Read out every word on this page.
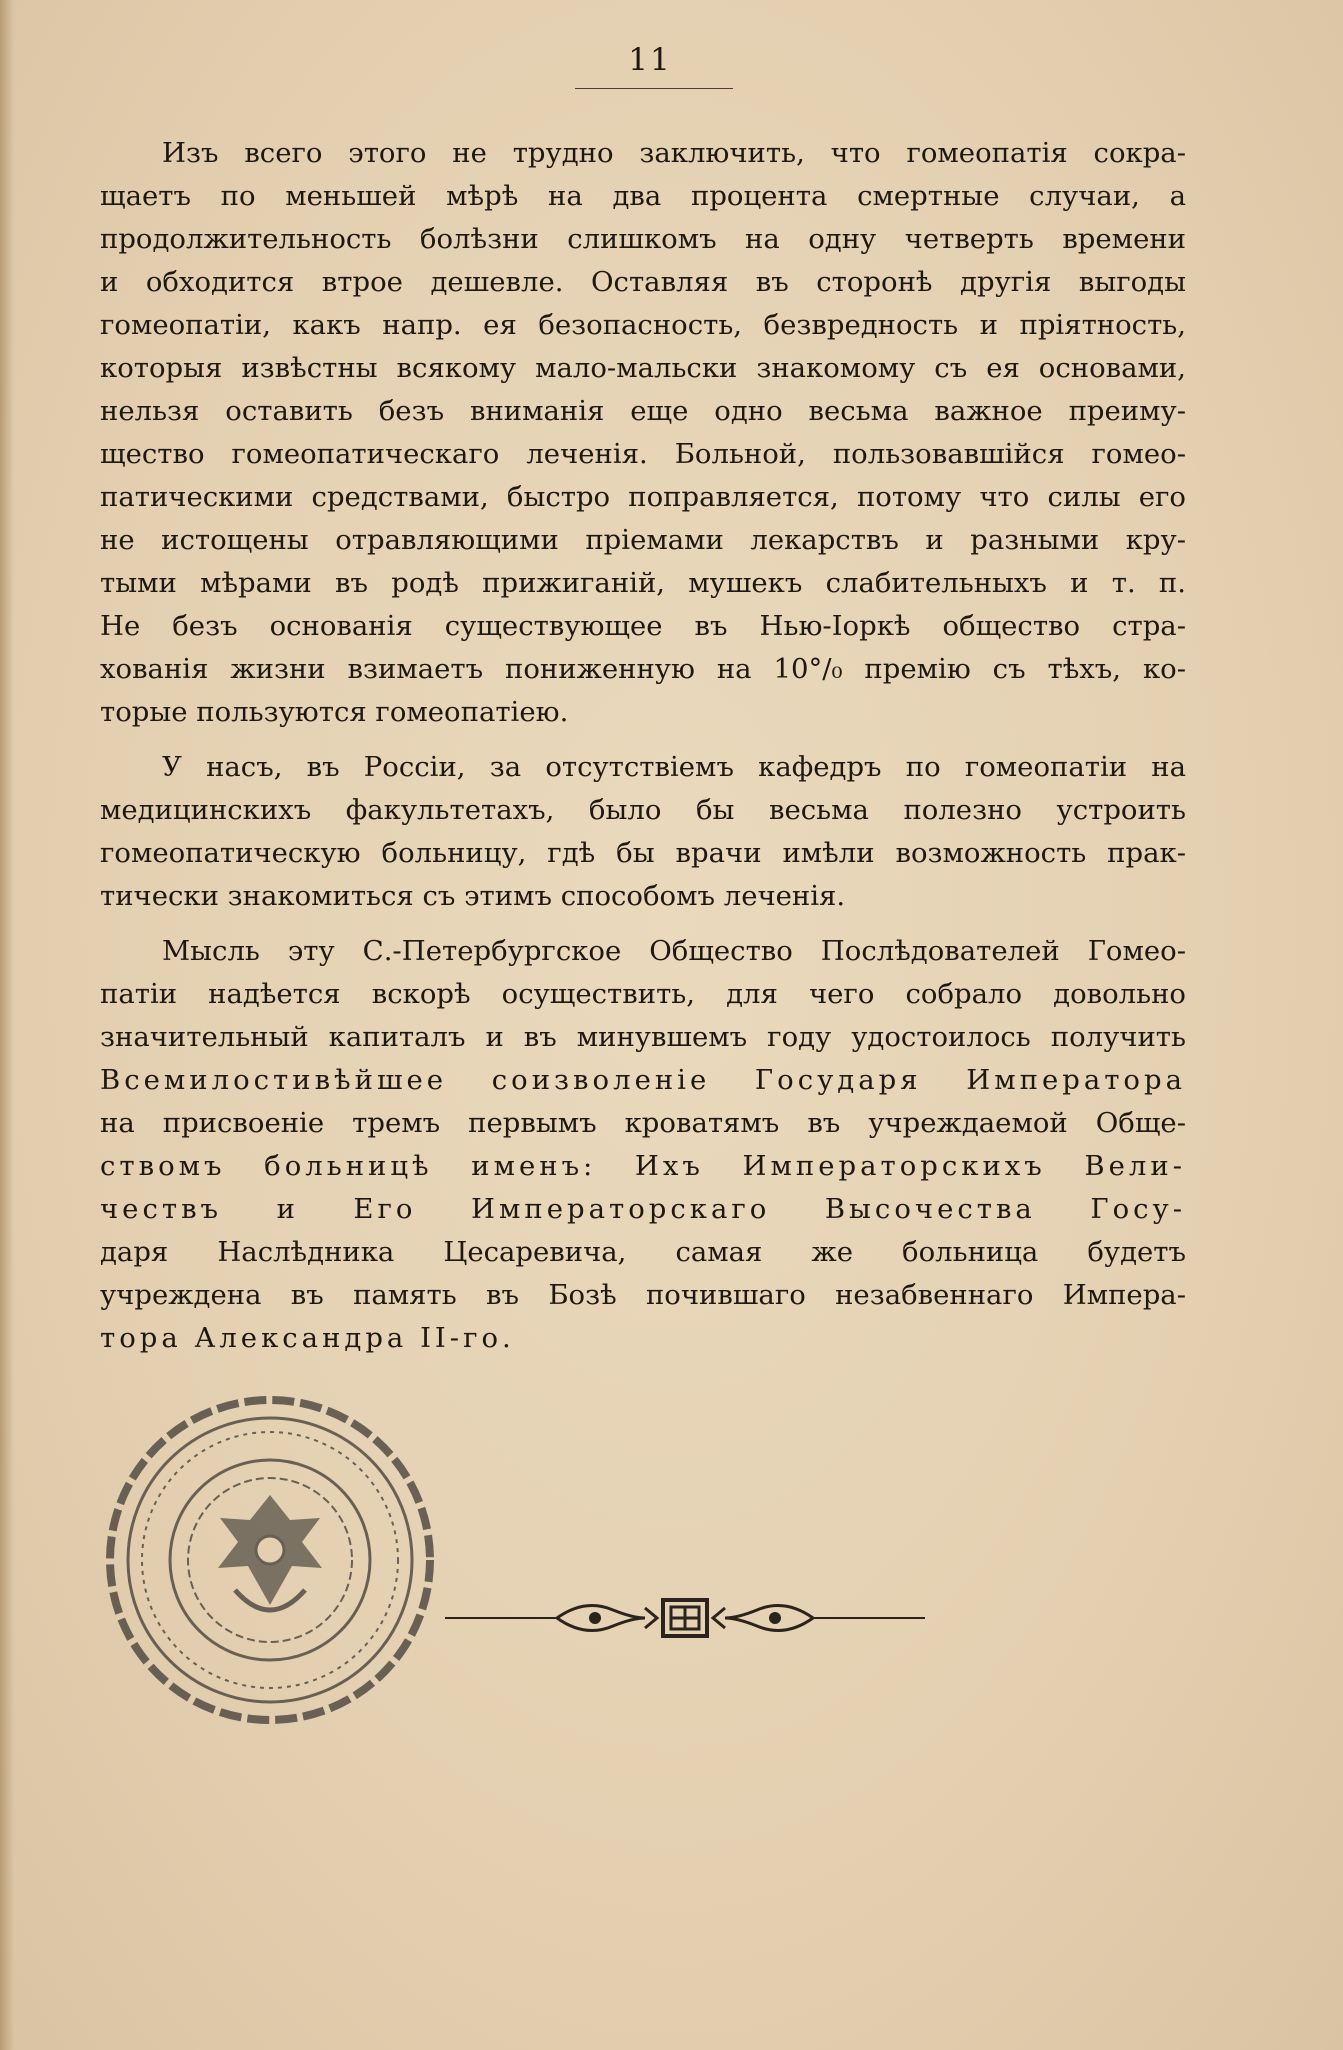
11
Изъ всего этого не трудно заключить, что гомеопатія сокра-
щаетъ по меньшей мѣрѣ на два процента смертные случаи, а
продолжительность болѣзни слишкомъ на одну четверть времени
и обходится втрое дешевле. Оставляя въ сторонѣ другія выгоды
гомеопатіи, какъ напр. ея безопасность, безвредность и пріятность,
которыя извѣстны всякому мало-мальски знакомому съ ея основами,
нельзя оставить безъ вниманія еще одно весьма важное преиму-
щество гомеопатическаго леченія. Больной, пользовавшійся гомео-
патическими средствами, быстро поправляется, потому что силы его
не истощены отравляющими пріемами лекарствъ и разными кру-
тыми мѣрами въ родѣ прижиганій, мушекъ слабительныхъ и т. п.
Не безъ основанія существующее въ Нью-Іоркѣ общество стра-
хованія жизни взимаетъ пониженную на 10°/₀ премію съ тѣхъ, ко-
торые пользуются гомеопатіею.
У насъ, въ Россіи, за отсутствіемъ кафедръ по гомеопатіи на
медицинскихъ факультетахъ, было бы весьма полезно устроить
гомеопатическую больницу, гдѣ бы врачи имѣли возможность прак-
тически знакомиться съ этимъ способомъ леченія.
Мысль эту С.-Петербургское Общество Послѣдователей Гомео-
патіи надѣется вскорѣ осуществить, для чего собрало довольно
значительный капиталъ и въ минувшемъ году удостоилось получить
Всемилостивѣйшее соизволеніе Государя Императора
на присвоеніе тремъ первымъ кроватямъ въ учреждаемой Обще-
ствомъ больницѣ именъ: Ихъ Императорскихъ Вели-
чествъ и Его Императорскаго Высочества Госу-
даря Наслѣдника Цесаревича, самая же больница будетъ
учреждена въ память въ Бозѣ почившаго незабвеннаго Импера-
тора Александра II-го.
